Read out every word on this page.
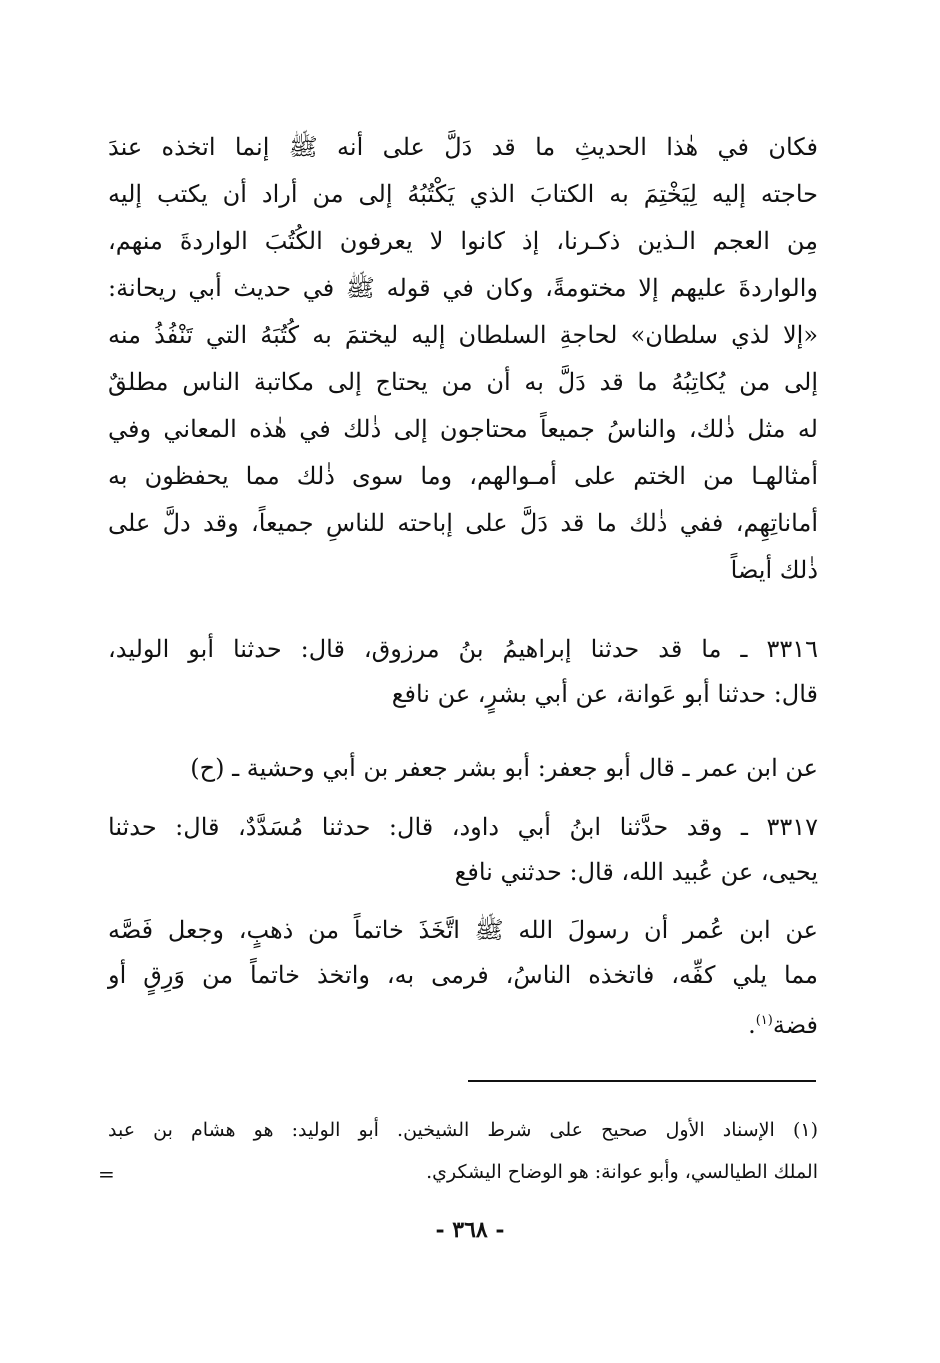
فكان في هٰذا الحديثِ ما قد دَلَّ على أنه ﷺ إنما اتخذه عندَ
حاجته إليه لِيَخْتِمَ به الكتابَ الذي يَكْتُبُهُ إلى من أراد أن يكتب إليه
مِن العجم الـذين ذكـرنا، إذ كانوا لا يعرفون الكُتُبَ الواردةَ منهم،
والواردةَ عليهم إلا مختومةً، وكان في قوله ﷺ في حديث أبي ريحانة:
«إلا لذي سلطان» لحاجةِ السلطان إليه ليختمَ به كُتُبَهُ التي تَنْفُذُ منه
إلى من يُكاتِبُهُ ما قد دَلَّ به أن من يحتاج إلى مكاتبة الناس مطلقٌ
له مثل ذٰلك، والناسُ جميعاً محتاجون إلى ذٰلك في هٰذه المعاني وفي
أمثالهـا من الختم على أمـوالهم، وما سوى ذٰلك مما يحفظون به
أماناتِهِم، ففي ذٰلك ما قد دَلَّ على إباحته للناسِ جميعاً، وقد دلَّ على
ذٰلك أيضاً
٣٣١٦ ـ ما قد حدثنا إبراهيمُ بنُ مرزوق، قال: حدثنا أبو الوليد،
قال: حدثنا أبو عَوانة، عن أبي بشرٍ، عن نافع
عن ابن عمر ـ قال أبو جعفر: أبو بشر جعفر بن أبي وحشية ـ (ح)
٣٣١٧ ـ وقد حدَّثنا ابنُ أبي داود، قال: حدثنا مُسَدَّدٌ، قال: حدثنا
يحيى، عن عُبيد الله، قال: حدثني نافع
عن ابن عُمر أن رسولَ الله ﷺ اتَّخَذَ خاتماً من ذهبٍ، وجعل فَصَّه
مما يلي كفِّه، فاتخذه الناسُ، فرمى به، واتخذ خاتماً من وَرِقٍ أو
فضة$^{(١)}$.
(١) الإسناد الأول صحيح على شرط الشيخين. أبو الوليد: هو هشام بن عبد
الملك الطيالسي، وأبو عوانة: هو الوضاح اليشكري.
=
- ٣٦٨ -
